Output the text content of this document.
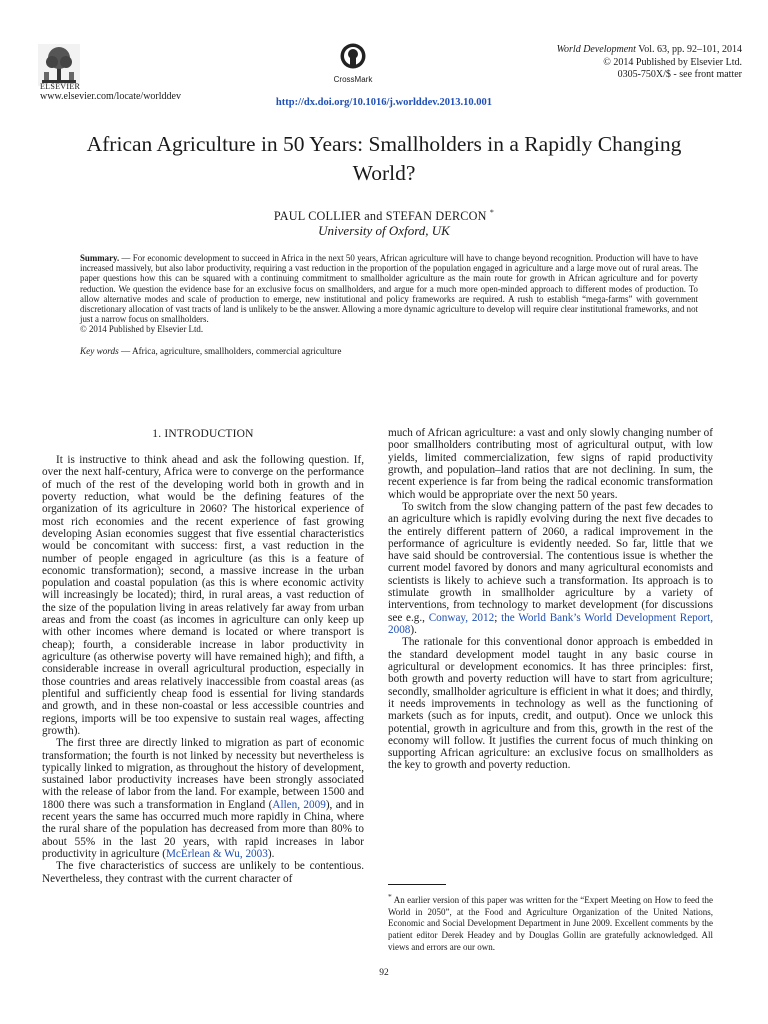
ELSEVIER
www.elsevier.com/locate/worlddev
CrossMark
World Development Vol. 63, pp. 92–101, 2014
© 2014 Published by Elsevier Ltd.
0305-750X/$ - see front matter
http://dx.doi.org/10.1016/j.worlddev.2013.10.001
African Agriculture in 50 Years: Smallholders in a Rapidly Changing World?
PAUL COLLIER and STEFAN DERCON *
University of Oxford, UK
Summary. — For economic development to succeed in Africa in the next 50 years, African agriculture will have to change beyond recognition. Production will have to have increased massively, but also labor productivity, requiring a vast reduction in the proportion of the population engaged in agriculture and a large move out of rural areas. The paper questions how this can be squared with a continuing commitment to smallholder agriculture as the main route for growth in African agriculture and for poverty reduction. We question the evidence base for an exclusive focus on smallholders, and argue for a much more open-minded approach to different modes of production. To allow alternative modes and scale of production to emerge, new institutional and policy frameworks are required. A rush to establish “mega-farms” with government discretionary allocation of vast tracts of land is unlikely to be the answer. Allowing a more dynamic agriculture to develop will require clear institutional frameworks, and not just a narrow focus on smallholders.
© 2014 Published by Elsevier Ltd.
Key words — Africa, agriculture, smallholders, commercial agriculture
1. INTRODUCTION

It is instructive to think ahead and ask the following question. If, over the next half-century, Africa were to converge on the performance of much of the rest of the developing world both in growth and in poverty reduction, what would be the defining features of the organization of its agriculture in 2060? The historical experience of most rich economies and the recent experience of fast growing developing Asian economies suggest that five essential characteristics would be concomitant with success: first, a vast reduction in the number of people engaged in agriculture (as this is a feature of economic transformation); second, a massive increase in the urban population and coastal population (as this is where economic activity will increasingly be located); third, in rural areas, a vast reduction of the size of the population living in areas relatively far away from urban areas and from the coast (as incomes in agriculture can only keep up with other incomes where demand is located or where transport is cheap); fourth, a considerable increase in labor productivity in agriculture (as otherwise poverty will have remained high); and fifth, a considerable increase in overall agricultural production, especially in those countries and areas relatively inaccessible from coastal areas (as plentiful and sufficiently cheap food is essential for living standards and growth, and in these non-coastal or less accessible countries and regions, imports will be too expensive to sustain real wages, affecting growth).

The first three are directly linked to migration as part of economic transformation; the fourth is not linked by necessity but nevertheless is typically linked to migration, as throughout the history of development, sustained labor productivity increases have been strongly associated with the release of labor from the land. For example, between 1500 and 1800 there was such a transformation in England (Allen, 2009), and in recent years the same has occurred much more rapidly in China, where the rural share of the population has decreased from more than 80% to about 55% in the last 20 years, with rapid increases in labor productivity in agriculture (McErlean & Wu, 2003).

The five characteristics of success are unlikely to be contentious. Nevertheless, they contrast with the current character of

much of African agriculture: a vast and only slowly changing number of poor smallholders contributing most of agricultural output, with low yields, limited commercialization, few signs of rapid productivity growth, and population–land ratios that are not declining. In sum, the recent experience is far from being the radical economic transformation which would be appropriate over the next 50 years.

To switch from the slow changing pattern of the past few decades to an agriculture which is rapidly evolving during the next five decades to the entirely different pattern of 2060, a radical improvement in the performance of agriculture is evidently needed. So far, little that we have said should be controversial. The contentious issue is whether the current model favored by donors and many agricultural economists and scientists is likely to achieve such a transformation. Its approach is to stimulate growth in smallholder agriculture by a variety of interventions, from technology to market development (for discussions see e.g., Conway, 2012; the World Bank’s World Development Report, 2008).

The rationale for this conventional donor approach is embedded in the standard development model taught in any basic course in agricultural or development economics. It has three principles: first, both growth and poverty reduction will have to start from agriculture; secondly, smallholder agriculture is efficient in what it does; and thirdly, it needs improvements in technology as well as the functioning of markets (such as for inputs, credit, and output). Once we unlock this potential, growth in agriculture and from this, growth in the rest of the economy will follow. It justifies the current focus of much thinking on supporting African agriculture: an exclusive focus on smallholders as the key to growth and poverty reduction.

* An earlier version of this paper was written for the “Expert Meeting on How to feed the World in 2050”, at the Food and Agriculture Organization of the United Nations, Economic and Social Development Department in June 2009. Excellent comments by the patient editor Derek Headey and by Douglas Gollin are gratefully acknowledged. All views and errors are our own.
92
